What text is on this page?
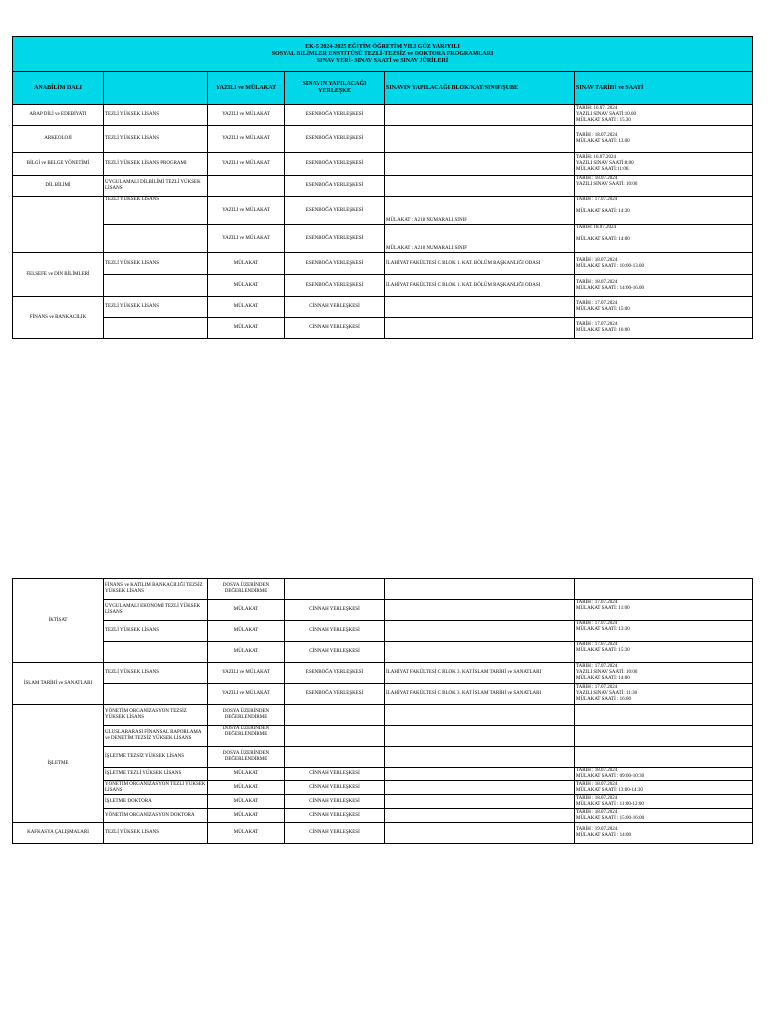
EK-5 2024-2025 EĞİTİM ÖĞRETİM YILI GÜZ YARIYILI
SOSYAL BİLİMLER ENSTİTÜSÜ TEZLİ-TEZSİZ ve DOKTORA PROGRAMLARI
SINAV YERİ- SINAV SAATİ ve SINAV JÜRİLERİ					

ANABİLİM DALI		YAZILI ve MÜLAKAT	SINAVIN YAPILACAĞI YERLEŞKE	SINAVIN YAPILACAĞI BLOK/KAT/SINIF/ŞUBE	SINAV TARİHİ ve SAATİ
ARAP DİLİ ve EDEBİYATI	TEZLİ YÜKSEK LİSANS	YAZILI ve MÜLAKAT	ESENBOĞA YERLEŞKESİ		TARİH: 16.07. 2024
YAZILI SINAV SAATİ:10.00
MÜLAKAT SAATİ : 15.30

ARKEOLOJİ	TEZLİ YÜKSEK LİSANS	YAZILI ve MÜLAKAT	ESENBOĞA YERLEŞKESİ		TARİH : 18.07.2024
MÜLAKAT SAATİ: 13.00

BİLGİ ve BELGE YÖNETİMİ	TEZLİ YÜKSEK LİSANS PROGRAMI	YAZILI ve MÜLAKAT	ESENBOĞA YERLEŞKESİ		TARİH: 16.07.2024
YAZILI SINAV SAATİ:8:00
MÜLAKAT SAATİ:11:00.

DİL BİLİMİ	UYGULAMALI DİLBİLİMİ TEZLİ YÜKSEK LİSANS		ESENBOĞA YERLEŞKESİ		TARİH : 18.07.2024
YAZILI SINAV SAATİ: 10:00

	TEZLİ YÜKSEK LİSANS	YAZILI ve MÜLAKAT	ESENBOĞA YERLEŞKESİ	MÜLAKAT : A218 NUMARALI SINIF	TARİH : 17.07.2024
MÜLAKAT SAATİ: 14:30

		YAZILI ve MÜLAKAT	ESENBOĞA YERLEŞKESİ	MÜLAKAT : A218 NUMARALI SINIF	TARİH: 18.07.2024
MÜLAKAT SAATİ: 14:00

FELSEFE ve DİN BİLİMLERİ	TEZLİ YÜKSEK LİSANS	MÜLAKAT	ESENBOĞA YERLEŞKESİ	İLAHİYAT FAKÜLTESİ C BLOK 1. KAT. BÖLÜM BAŞKANLIĞI ODASI	TARİH : 18.07.2024
MÜLAKAT SAATİ : 10:00-13.00

		MÜLAKAT	ESENBOĞA YERLEŞKESİ	İLAHİYAT FAKÜLTESİ C BLOK 1. KAT. BÖLÜM BAŞKANLIĞI ODASI	TARİH : 18.07.2024
MÜLAKAT SAATİ : 14:00-16.00

FİNANS ve BANKACILIK	TEZLİ YÜKSEK LİSANS	MÜLAKAT	CİNNAH YERLEŞKESİ		TARİH : 17.07.2024
MÜLAKAT SAATİ: 15:00

		MÜLAKAT	CİNNAH YERLEŞKESİ		TARİH : 17.07.2024
MÜLAKAT SAATİ: 16:00
İKTİSAT	FİNANS ve KATILIM BANKACILIĞI TEZSİZ YÜKSEK LİSANS	DOSYA ÜZERİNDEN DEĞERLENDİRME			

	UYGULAMALI EKONOMİ TEZLİ YÜKSEK LİSANS	MÜLAKAT	CİNNAH YERLEŞKESİ		TARİH : 17.07.2024
MÜLAKAT SAATİ: 11:00

	TEZLİ YÜKSEK LİSANS	MÜLAKAT	CİNNAH YERLEŞKESİ		TARİH : 17.07.2024
MÜLAKAT SAATİ: 13:30

		MÜLAKAT	CİNNAH YERLEŞKESİ		TARİH : 17.07.2024
MÜLAKAT SAATİ: 15:30

İSLAM TARİHİ ve SANATLARI	TEZLİ YÜKSEK LİSANS	YAZILI ve MÜLAKAT	ESENBOĞA YERLEŞKESİ	İLAHİYAT FAKÜLTESİ C BLOK 3. KAT İSLAM TARİHİ ve SANATLARI	TARİH : 17.07.2024
YAZILI SINAV SAATİ: 10:00
MÜLAKAT SAATİ: 14:00

		YAZILI ve MÜLAKAT	ESENBOĞA YERLEŞKESİ	İLAHİYAT FAKÜLTESİ C BLOK 3. KAT İSLAM TARİHİ ve SANATLARI	TARİH : 17.07.2024
YAZILI SINAV SAATİ: 11:30
MÜLAKAT SAATİ : 16:00

İŞLETME	YÖNETİM ORGANİZASYON TEZSİZ YÜKSEK LİSANS	DOSYA ÜZERİNDEN DEĞERLENDİRME			

	ULUSLARARASI FİNANSAL RAPORLAMA ve DENETİM TEZSİZ YÜKSEK LİSANS	DOSYA ÜZERİNDEN DEĞERLENDİRME			

	İŞLETME TEZSİZ YÜKSEK LİSANS	DOSYA ÜZERİNDEN DEĞERLENDİRME			

	İŞLETME TEZLİ YÜKSEK LİSANS	MÜLAKAT	CİNNAH YERLEŞKESİ		TARİH : 18.07.2024
MÜLAKAT SAATİ : 09:00-10:30

	YÖNETİM ORGANİZASYON TEZLİ YÜKSEK LİSANS	MÜLAKAT	CİNNAH YERLEŞKESİ		TARİH : 18.07.2024
MÜLAKAT SAATİ: 13:00-14:30

	İŞLETME DOKTORA	MÜLAKAT	CİNNAH YERLEŞKESİ		TARİH : 18.07.2024
MÜLAKAT SAATİ : 11:00-12:00

	YÖNETİM ORGANİZASYON DOKTORA	MÜLAKAT	CİNNAH YERLEŞKESİ		TARİH : 18.07.2024
MÜLAKAT SAATİ : 15:00-16:00

KAFKASYA ÇALIŞMALARI	TEZLİ YÜKSEK LİSANS	MÜLAKAT	CİNNAH YERLEŞKESİ		TARİH : 19.07.2024
MÜLAKAT SAATİ : 14:00
